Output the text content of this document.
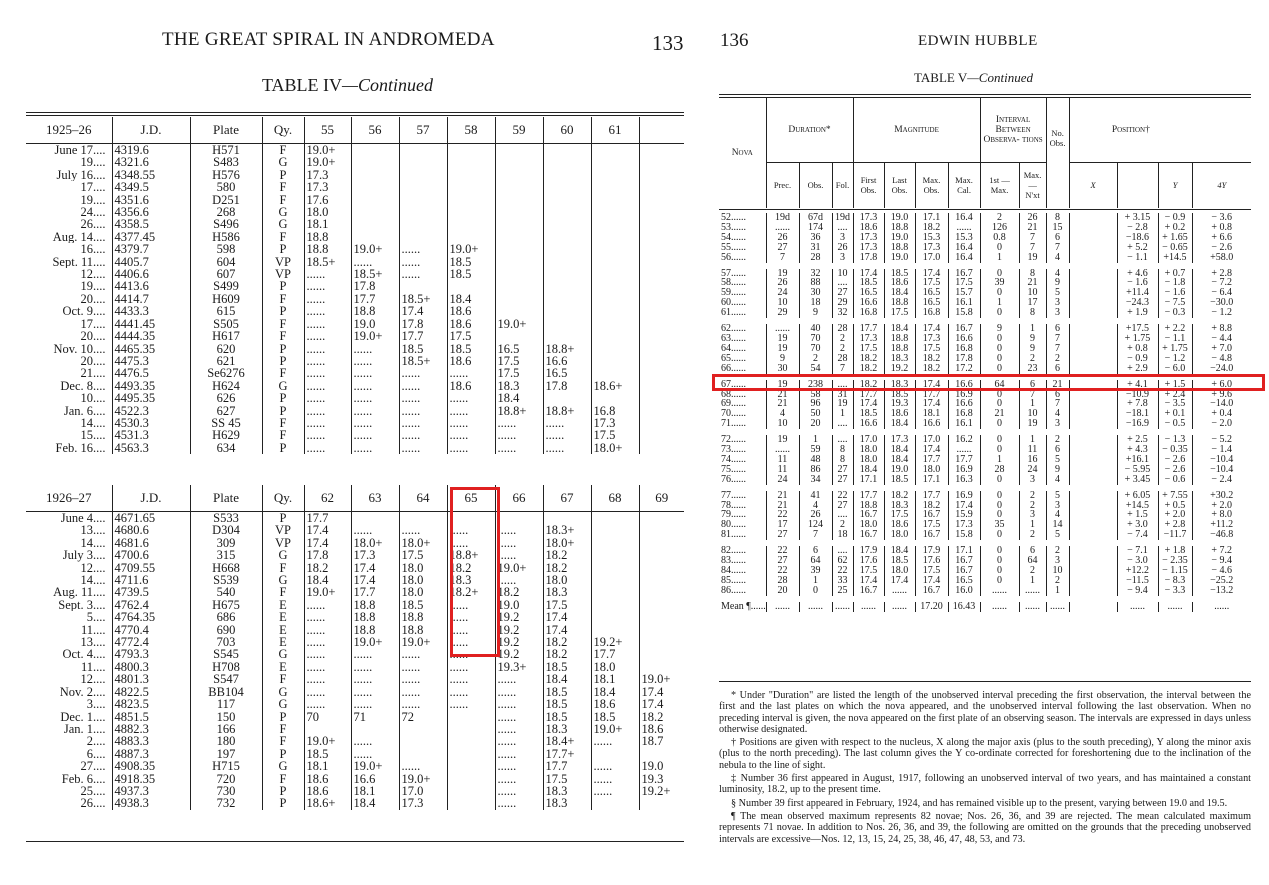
THE GREAT SPIRAL IN ANDROMEDA	133
TABLE IV—Continued
1925–26	J.D.	Plate	Qy.	55	56	57	58	59	60	61	
June 17....	4319.6	H571	F	19.0+							
19....	4321.6	S483	G	19.0+							
July 16....	4348.55	H576	P	17.3							
17....	4349.5	580	F	17.3							
19....	4351.6	D251	F	17.6							
24....	4356.6	268	G	18.0							
26....	4358.5	S496	G	18.1							
Aug. 14....	4377.45	H586	F	18.8							
16....	4379.7	598	P	18.8	19.0+	......	19.0+				
Sept. 11....	4405.7	604	VP	18.5+	......	......	18.5				
12....	4406.6	607	VP	......	18.5+	......	18.5				
19....	4413.6	S499	P	......	17.8						
20....	4414.7	H609	F	......	17.7	18.5+	18.4				
Oct. 9....	4433.3	615	P	......	18.8	17.4	18.6				
17....	4441.45	S505	F	......	19.0	17.8	18.6	19.0+			
20....	4444.35	H617	F	......	19.0+	17.7	17.5				
Nov. 10....	4465.35	620	P	......	......	18.5	18.5	16.5	18.8+		
20....	4475.3	621	P	......	......	18.5+	18.6	17.5	16.6		
21....	4476.5	Se6276	F	......	......	......	......	17.5	16.5		
Dec. 8....	4493.35	H624	G	......	......	......	18.6	18.3	17.8	18.6+	
10....	4495.35	626	P	......	......	......	......	18.4			
Jan. 6....	4522.3	627	P	......	......	......	......	18.8+	18.8+	16.8	
14....	4530.3	SS 45	F	......	......	......	......	......	......	17.3	
15....	4531.3	H629	F	......	......	......	......	......	......	17.5	
Feb. 16....	4563.3	634	P	......	......	......	......	......	......	18.0+	
1926–27	J.D.	Plate	Qy.	62	63	64	65	66	67	68	69
June 4....	4671.65	S533	P	17.7							
13....	4680.6	D304	VP	17.4	......	......	......	......	18.3+		
14....	4681.6	309	VP	17.4	18.0+	18.0+	......	......	18.0+		
July 3....	4700.6	315	G	17.8	17.3	17.5	18.8+	......	18.2		
12....	4709.55	H668	F	18.2	17.4	18.0	18.2	19.0+	18.2		
14....	4711.6	S539	G	18.4	17.4	18.0	18.3	......	18.0		
Aug. 11....	4739.5	540	F	19.0+	17.7	18.0	18.2+	18.2	18.3		
Sept. 3....	4762.4	H675	E	......	18.8	18.5	......	19.0	17.5		
5....	4764.35	686	E	......	18.8	18.8	......	19.2	17.4		
11....	4770.4	690	E	......	18.8	18.8	......	19.2	17.4		
13....	4772.4	703	E	......	19.0+	19.0+	......	19.2	18.2	19.2+	
Oct. 4....	4793.3	S545	G	......	......	......	......	19.2	18.2	17.7	
11....	4800.3	H708	E	......	......	......	......	19.3+	18.5	18.0	
12....	4801.3	S547	F	......	......	......	......	......	18.4	18.1	19.0+
Nov. 2....	4822.5	BB104	G	......	......	......	......	......	18.5	18.4	17.4
3....	4823.5	117	G	......	......	......	......	......	18.5	18.6	17.4
Dec. 1....	4851.5	150	P	70	71	72		......	18.5	18.5	18.2
Jan. 1....	4882.3	166	F					......	18.3	19.0+	18.6
2....	4883.3	180	F	19.0+	......			......	18.4+	......	18.7
6....	4887.3	197	P	18.5	......			......	17.7+		
27....	4908.35	H715	G	18.1	19.0+	......		......	17.7	......	19.0
Feb. 6....	4918.35	720	F	18.6	16.6	19.0+		......	17.5	......	19.3
25....	4937.3	730	P	18.6	18.1	17.0		......	18.3	......	19.2+
26....	4938.3	732	P	18.6+	18.4	17.3		......	18.3		
136	EDWIN HUBBLE
TABLE V—Continued
Nova	Duration*			Magnitude				Interval Between Observa- tions		No. Obs.	Position†			
	Prec.	Obs.	Fol.	First Obs.	Last Obs.	Max. Obs.	Max. Cal.	1st — Max.	Max. — N'xt		X		Y	4Y
52......	19d	67d	19d	17.3	19.0	17.1	16.4	2	26	8		+ 3.15	− 0.9	− 3.6
53......	......	174	....	18.6	18.8	18.2	......	126	21	15		− 2.8	+ 0.2	+ 0.8
54......	26	36	3	17.3	19.0	15.3	15.3	0.8	7	6		−18.6	+ 1.65	+ 6.6
55......	27	31	26	17.3	18.8	17.3	16.4	0	7	7		+ 5.2	− 0.65	− 2.6
56......	7	28	3	17.8	19.0	17.0	16.4	1	19	4		− 1.1	+14.5	+58.0
57......	19	32	10	17.4	18.5	17.4	16.7	0	8	4		+ 4.6	+ 0.7	+ 2.8
58......	26	88	....	18.5	18.6	17.5	17.5	39	21	9		− 1.6	− 1.8	− 7.2
59......	24	30	27	16.5	18.4	16.5	15.7	0	10	5		+11.4	− 1.6	− 6.4
60......	10	18	29	16.6	18.8	16.5	16.1	1	17	3		−24.3	− 7.5	−30.0
61......	29	9	32	16.8	17.5	16.8	15.8	0	8	3		+ 1.9	− 0.3	− 1.2
62......	......	40	28	17.7	18.4	17.4	16.7	9	1	6		+17.5	+ 2.2	+ 8.8
63......	19	70	2	17.3	18.8	17.3	16.6	0	9	7		+ 1.75	− 1.1	− 4.4
64......	19	70	2	17.5	18.8	17.5	16.8	0	9	7		+ 0.8	+ 1.75	+ 7.0
65......	9	2	28	18.2	18.3	18.2	17.8	0	2	2		− 0.9	− 1.2	− 4.8
66......	30	54	7	18.2	19.2	18.2	17.2	0	23	6		+ 2.9	− 6.0	−24.0
67......	19	238	....	18.2	18.3	17.4	16.6	64	6	21		+ 4.1	+ 1.5	+ 6.0
68......	21	58	31	17.7	18.5	17.7	16.9	0	7	6		−10.9	+ 2.4	+ 9.6
69......	21	96	19	17.4	19.3	17.4	16.6	0	1	7		+ 7.8	− 3.5	−14.0
70......	4	50	1	18.5	18.6	18.1	16.8	21	10	4		−18.1	+ 0.1	+ 0.4
71......	10	20	....	16.6	18.4	16.6	16.1	0	19	3		−16.9	− 0.5	− 2.0
72......	19	1	....	17.0	17.3	17.0	16.2	0	1	2		+ 2.5	− 1.3	− 5.2
73......	......	59	8	18.0	18.4	17.4	......	0	11	6		+ 4.3	− 0.35	− 1.4
74......	11	48	8	18.0	18.4	17.7	17.7	1	16	5		+16.1	− 2.6	−10.4
75......	11	86	27	18.4	19.0	18.0	16.9	28	24	9		− 5.95	− 2.6	−10.4
76......	24	34	27	17.1	18.5	17.1	16.3	0	3	4		+ 3.45	− 0.6	− 2.4
77......	21	41	22	17.7	18.2	17.7	16.9	0	2	5		+ 6.05	+ 7.55	+30.2
78......	21	4	27	18.8	18.3	18.2	17.4	0	2	3		+14.5	+ 0.5	+ 2.0
79......	22	26	....	16.7	17.5	16.7	15.9	0	3	4		+ 1.5	+ 2.0	+ 8.0
80......	17	124	2	18.0	18.6	17.5	17.3	35	1	14		+ 3.0	+ 2.8	+11.2
81......	27	7	18	16.7	18.0	16.7	15.8	0	2	5		− 7.4	−11.7	−46.8
82......	22	6	....	17.9	18.4	17.9	17.1	0	6	2		− 7.1	+ 1.8	+ 7.2
83......	27	64	62	17.6	18.5	17.6	16.7	0	64	3		− 3.0	− 2.35	− 9.4
84......	22	39	22	17.5	18.0	17.5	16.7	0	2	10		+12.2	− 1.15	− 4.6
85......	28	1	33	17.4	17.4	17.4	16.5	0	1	2		−11.5	− 8.3	−25.2
86......	20	0	25	16.7	......	16.7	16.0	......	......	1		− 9.4	− 3.3	−13.2
Mean ¶......	......	......	......	......	......	17.20	16.43	......	......	......		......	......	......

* Under "Duration" are listed the length of the unobserved interval preceding the first observation, the interval between the first and the last plates on which the nova appeared, and the unobserved interval following the last observation. When no preceding interval is given, the nova appeared on the first plate of an observing season. The intervals are expressed in days unless otherwise designated.

† Positions are given with respect to the nucleus, X along the major axis (plus to the south preceding), Y along the minor axis (plus to the north preceding). The last column gives the Y co-ordinate corrected for foreshortening due to the inclination of the nebula to the line of sight.

‡ Number 36 first appeared in August, 1917, following an unobserved interval of two years, and has maintained a constant luminosity, 18.2, up to the present time.

§ Number 39 first appeared in February, 1924, and has remained visible up to the present, varying between 19.0 and 19.5.

¶ The mean observed maximum represents 82 novae; Nos. 26, 36, and 39 are rejected. The mean calculated maximum represents 71 novae. In addition to Nos. 26, 36, and 39, the following are omitted on the grounds that the preceding unobserved intervals are excessive—Nos. 12, 13, 15, 24, 25, 38, 46, 47, 48, 53, and 73.
